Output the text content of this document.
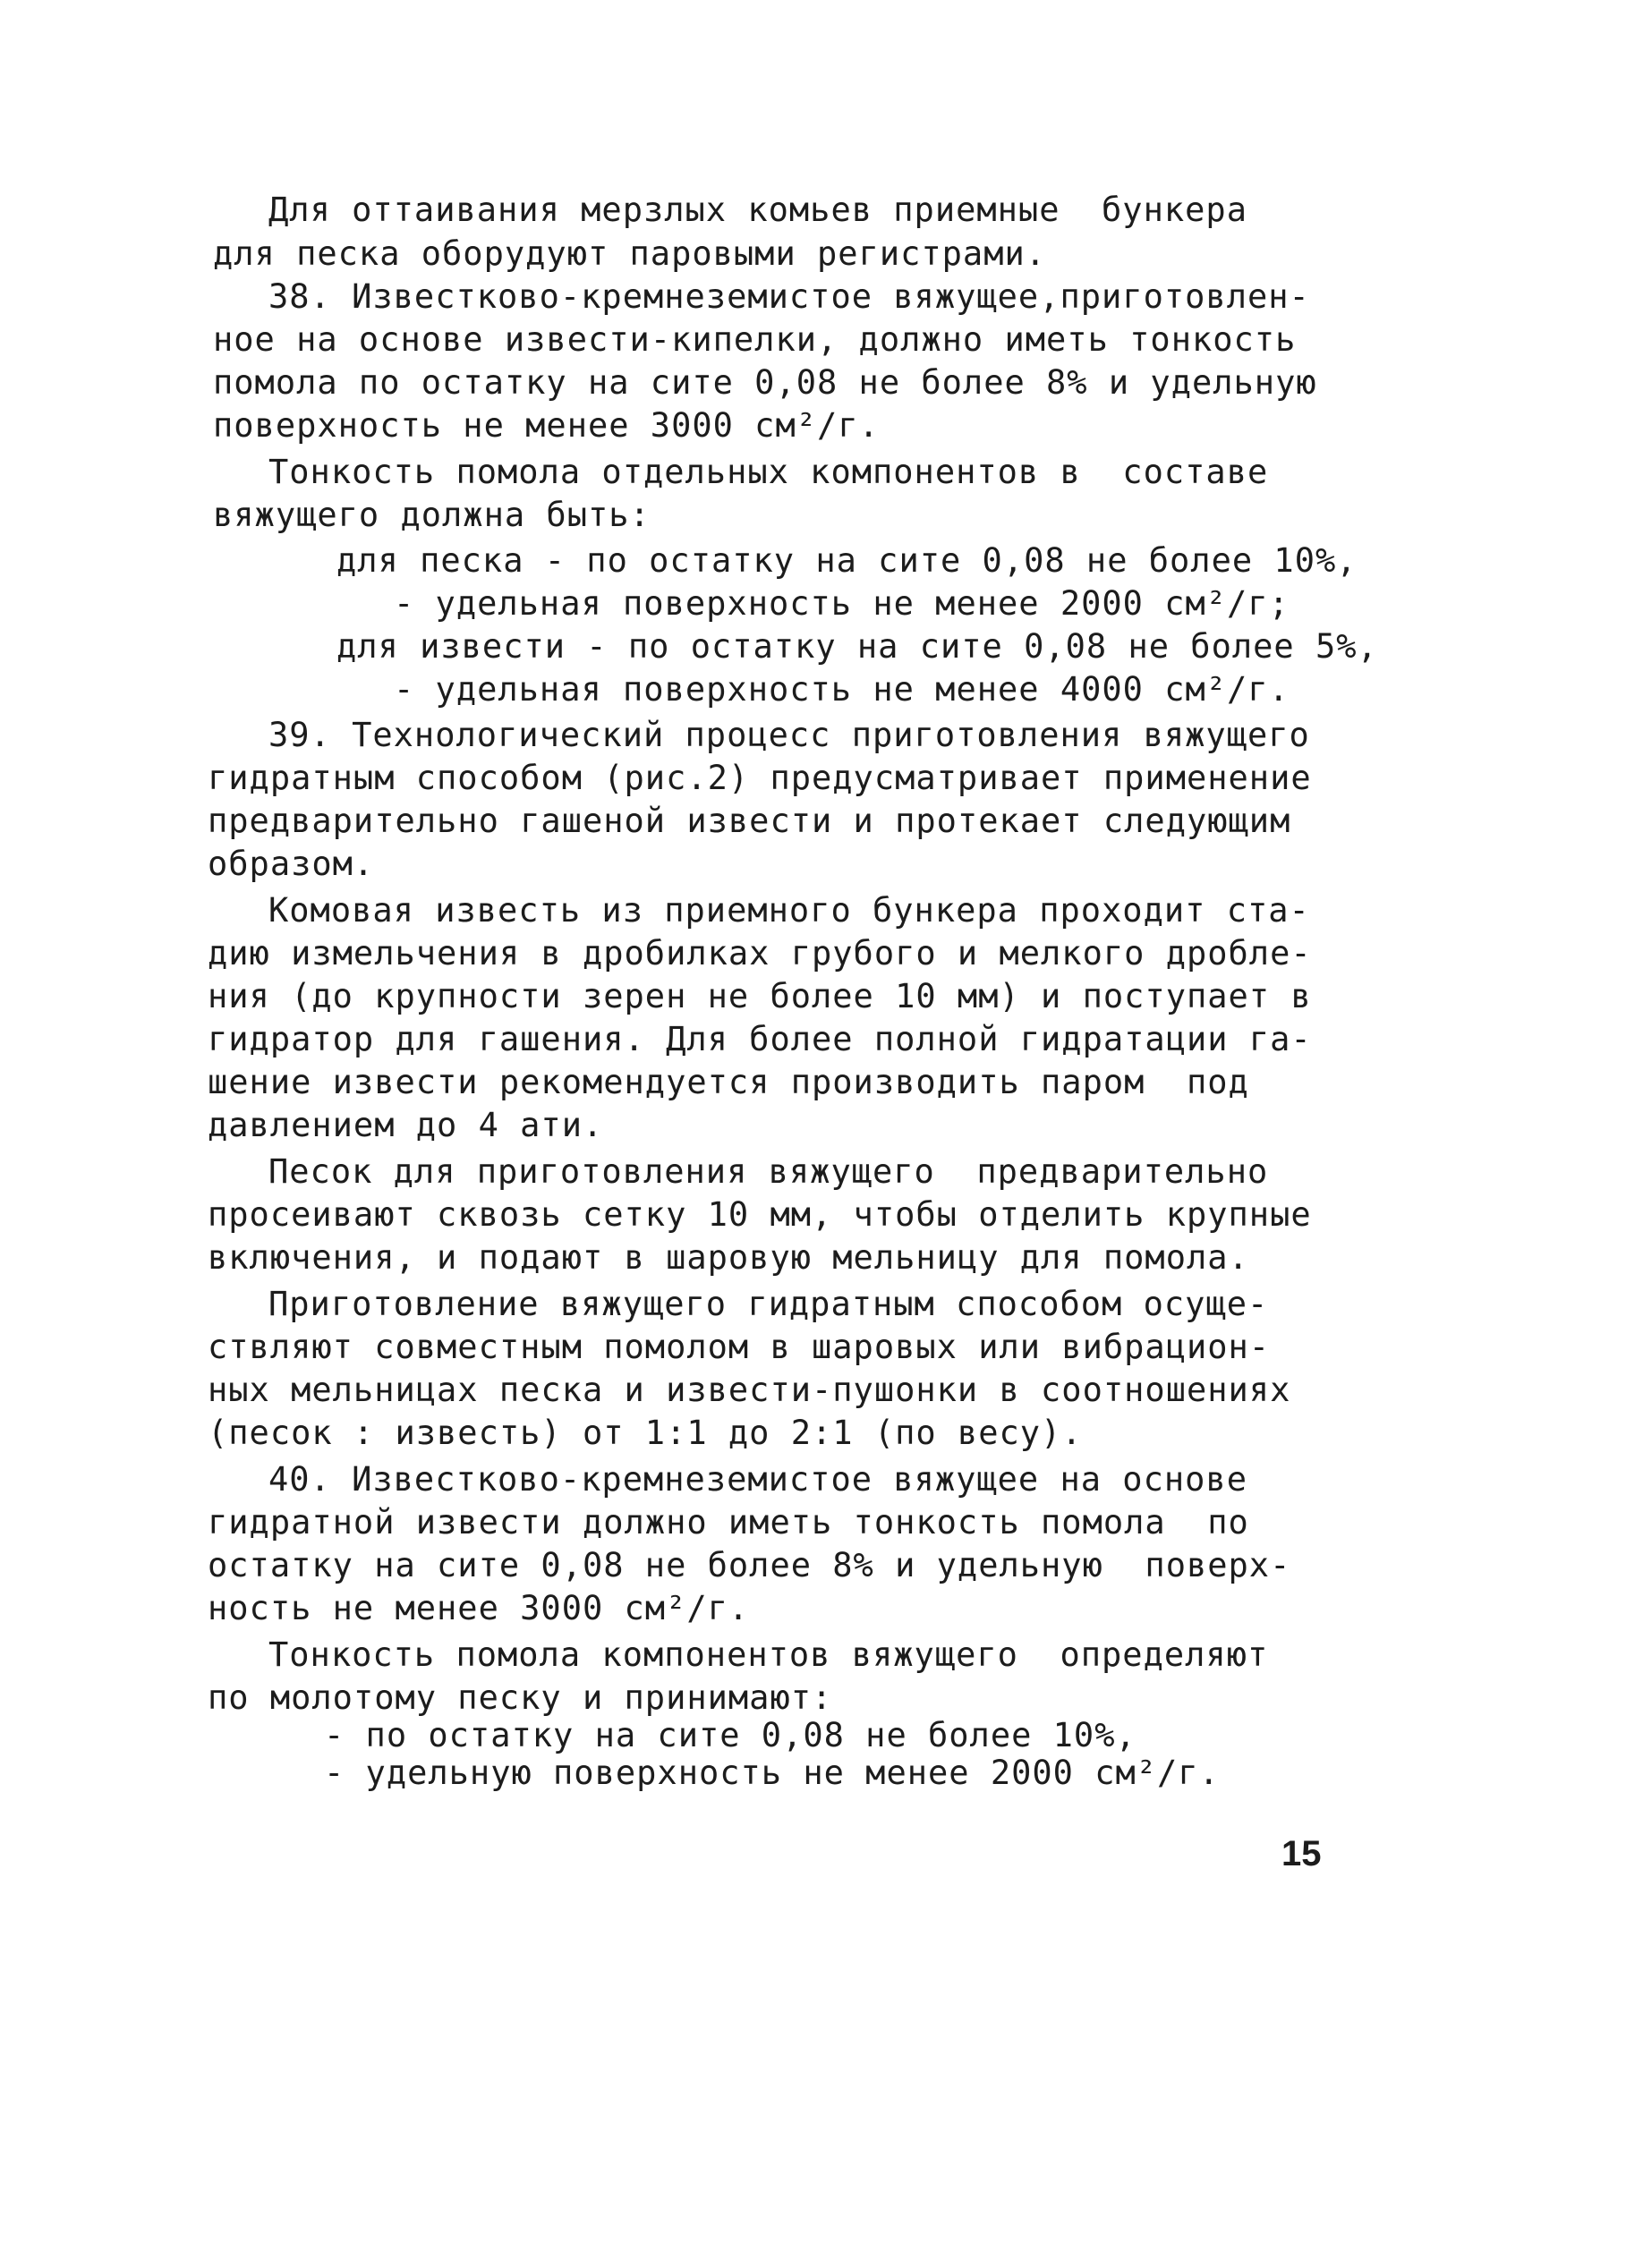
Для оттаивания мерзлых комьев приемные  бункера
для песка оборудуют паровыми регистрами.
38. Известково-кремнеземистое вяжущее,приготовлен-
ное на основе извести-кипелки, должно иметь тонкость
помола по остатку на сите 0,08 не более 8% и удельную
поверхность не менее 3000 см²/г.
Тонкость помола отдельных компонентов в  составе
вяжущего должна быть:
для песка - по остатку на сите 0,08 не более 10%,
- удельная поверхность не менее 2000 см²/г;
для извести - по остатку на сите 0,08 не более 5%,
- удельная поверхность не менее 4000 см²/г.
39. Технологический процесс приготовления вяжущего
гидратным способом (рис.2) предусматривает применение
предварительно гашеной извести и протекает следующим
образом.
Комовая известь из приемного бункера проходит ста-
дию измельчения в дробилках грубого и мелкого дробле-
ния (до крупности зерен не более 10 мм) и поступает в
гидратор для гашения. Для более полной гидратации га-
шение извести рекомендуется производить паром  под
давлением до 4 ати.
Песок для приготовления вяжущего  предварительно
просеивают сквозь сетку 10 мм, чтобы отделить крупные
включения, и подают в шаровую мельницу для помола.
Приготовление вяжущего гидратным способом осуще-
ствляют совместным помолом в шаровых или вибрацион-
ных мельницах песка и извести-пушонки в соотношениях
(песок : известь) от 1:1 до 2:1 (по весу).
40. Известково-кремнеземистое вяжущее на основе
гидратной извести должно иметь тонкость помола  по
остатку на сите 0,08 не более 8% и удельную  поверх-
ность не менее 3000 см²/г.
Тонкость помола компонентов вяжущего  определяют
по молотому песку и принимают:
- по остатку на сите 0,08 не более 10%,
- удельную поверхность не менее 2000 см²/г.
15
